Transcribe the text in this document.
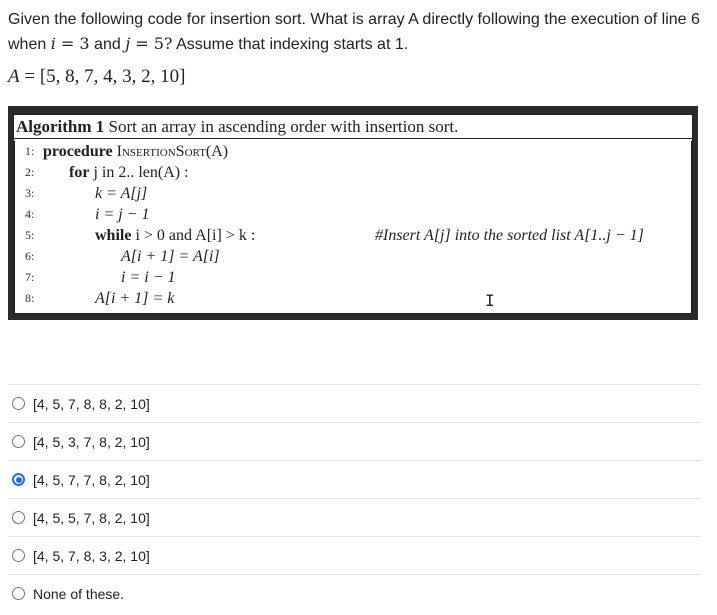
Given the following code for insertion sort. What is array A directly following the execution of line 6 when i = 3 and j = 5? Assume that indexing starts at 1.
A = [5, 8, 7, 4, 3, 2, 10]
Algorithm 1 Sort an array in ascending order with insertion sort.
1: procedure InsertionSort(A)
2: for j in 2.. len(A) :
3:	k = A[j]
4:	i = j − 1
5:	while i > 0 and A[i] > k :	#Insert A[j] into the sorted list A[1..j − 1]
6:	A[i + 1] = A[i]
7:	i = i − 1
8:	A[i + 1] = k	I
[4, 5, 7, 8, 8, 2, 10]
[4, 5, 3, 7, 8, 2, 10]
[4, 5, 7, 7, 8, 2, 10]
[4, 5, 5, 7, 8, 2, 10]
[4, 5, 7, 8, 3, 2, 10]
None of these.
